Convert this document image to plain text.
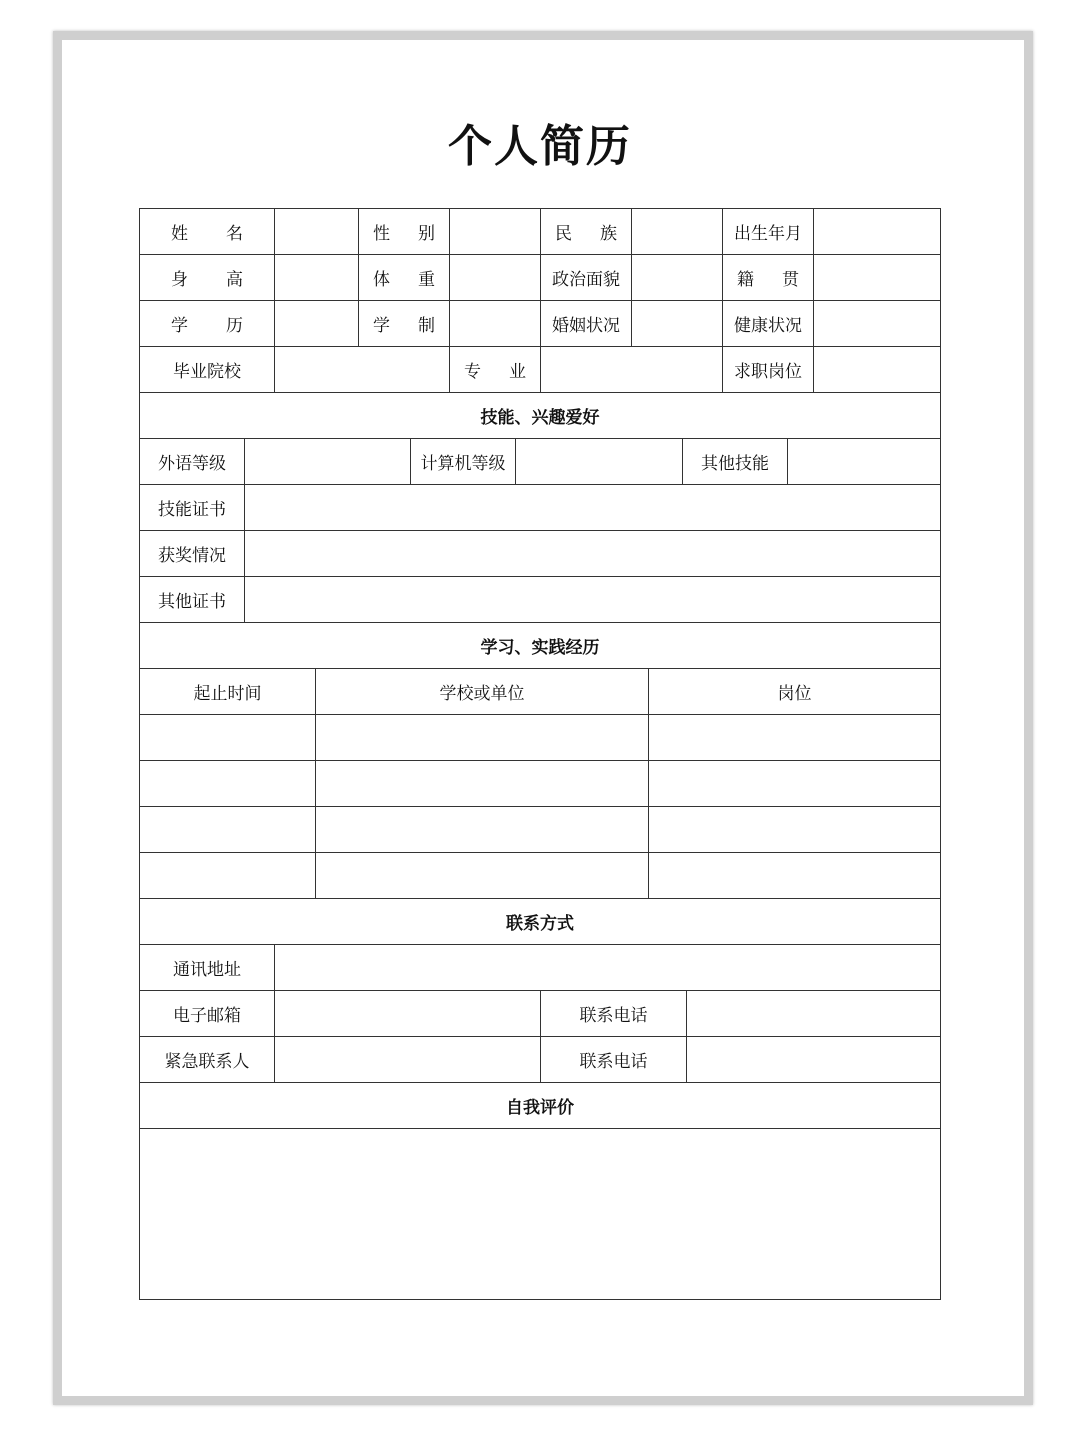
个人简历
姓 名	性 别	民 族	出生年月
身 高	体 重	政治面貌	籍 贯
学 历	学 制	婚姻状况	健康状况
毕业院校	专 业	求职岗位
技能、兴趣爱好
外语等级	计算机等级	其他技能
技能证书
获奖情况
其他证书
学习、实践经历
起止时间	学校或单位	岗位
联系方式
通讯地址
电子邮箱	联系电话
紧急联系人	联系电话
自我评价
